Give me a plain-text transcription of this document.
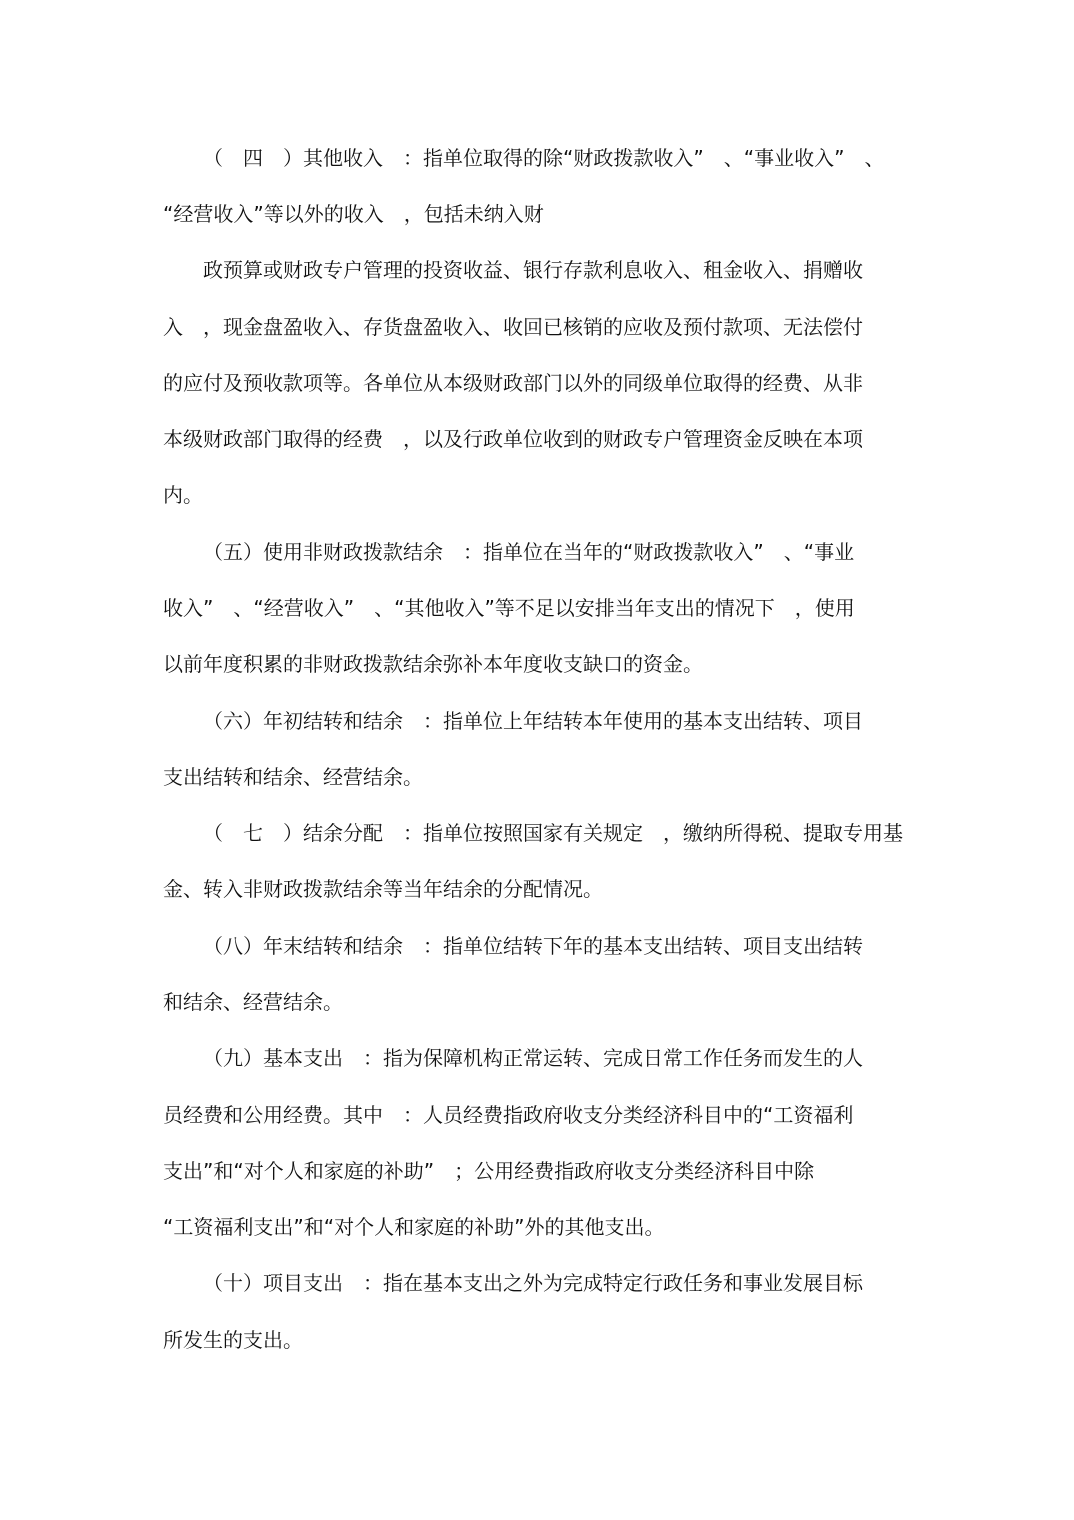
（　四　）其他收入　：指单位取得的除“财政拨款收入”　、“事业收入”　、
“经营收入”等以外的收入　，包括未纳入财
政预算或财政专户管理的投资收益、银行存款利息收入、租金收入、捐赠收
入　，现金盘盈收入、存货盘盈收入、收回已核销的应收及预付款项、无法偿付
的应付及预收款项等。各单位从本级财政部门以外的同级单位取得的经费、从非
本级财政部门取得的经费　，以及行政单位收到的财政专户管理资金反映在本项
内。
（五）使用非财政拨款结余　：指单位在当年的“财政拨款收入”　、“事业
收入”　、“经营收入”　、“其他收入”等不足以安排当年支出的情况下　，使用
以前年度积累的非财政拨款结余弥补本年度收支缺口的资金。
（六）年初结转和结余　：指单位上年结转本年使用的基本支出结转、项目
支出结转和结余、经营结余。
（　七　）结余分配　：指单位按照国家有关规定　，缴纳所得税、提取专用基
金、转入非财政拨款结余等当年结余的分配情况。
（八）年末结转和结余　：指单位结转下年的基本支出结转、项目支出结转
和结余、经营结余。
（九）基本支出　：指为保障机构正常运转、完成日常工作任务而发生的人
员经费和公用经费。其中　：人员经费指政府收支分类经济科目中的“工资福利
支出”和“对个人和家庭的补助”　；公用经费指政府收支分类经济科目中除
“工资福利支出”和“对个人和家庭的补助”外的其他支出。
（十）项目支出　：指在基本支出之外为完成特定行政任务和事业发展目标
所发生的支出。
